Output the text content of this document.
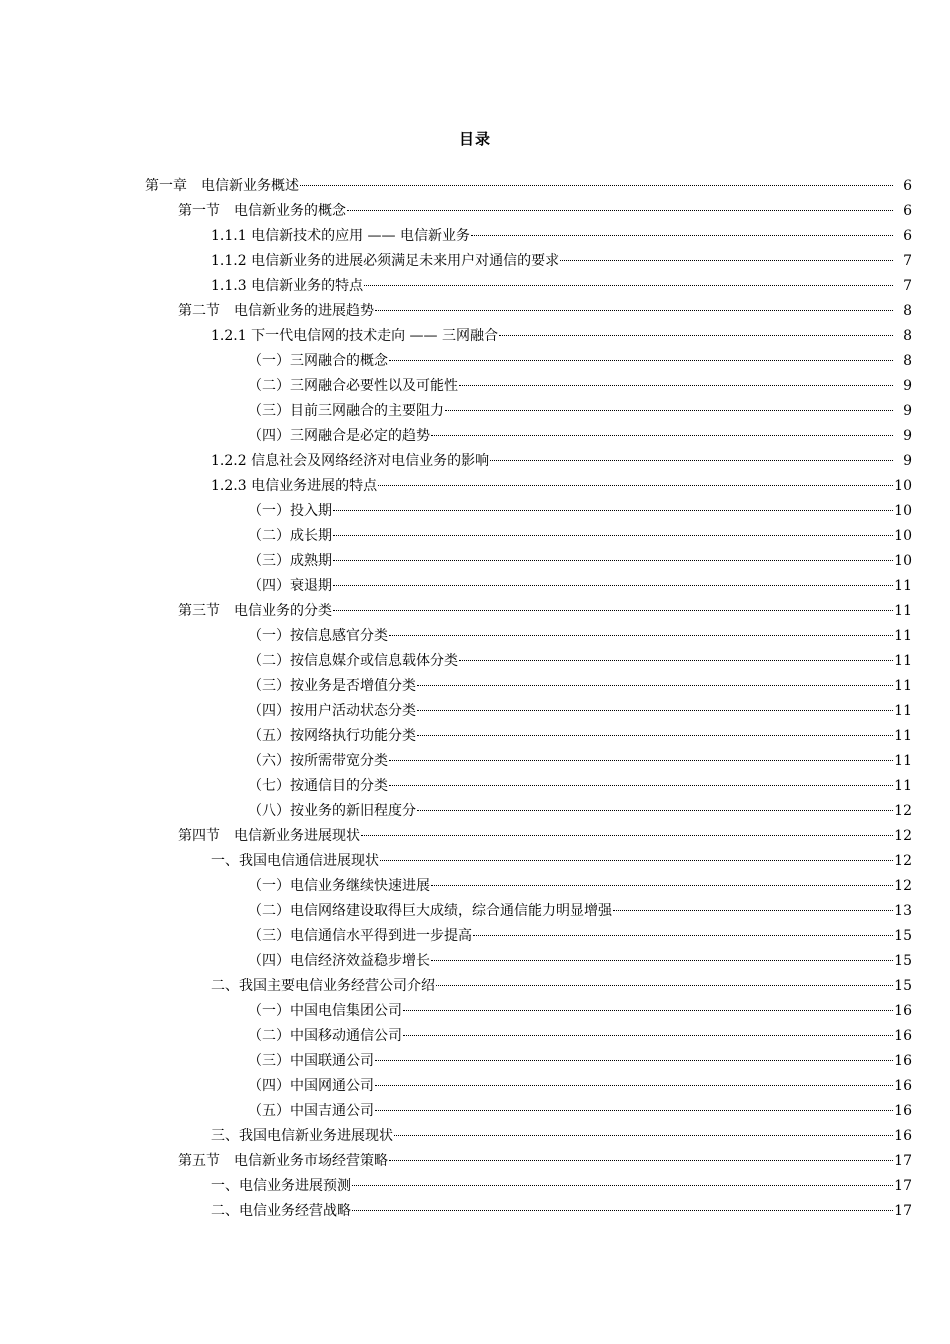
目录
第一章　电信新业务概述	6
第一节　电信新业务的概念	6
1.1.1 电信新技术的应用 —— 电信新业务	6
1.1.2 电信新业务的进展必须满足未来用户对通信的要求	7
1.1.3 电信新业务的特点	7
第二节　电信新业务的进展趋势	8
1.2.1 下一代电信网的技术走向 —— 三网融合	8
（一）三网融合的概念	8
（二）三网融合必要性以及可能性	9
（三）目前三网融合的主要阻力	9
（四）三网融合是必定的趋势	9
1.2.2 信息社会及网络经济对电信业务的影响	9
1.2.3 电信业务进展的特点	10
（一）投入期	10
（二）成长期	10
（三）成熟期	10
（四）衰退期	11
第三节　电信业务的分类	11
（一）按信息感官分类	11
（二）按信息媒介或信息载体分类	11
（三）按业务是否增值分类	11
（四）按用户活动状态分类	11
（五）按网络执行功能分类	11
（六）按所需带宽分类	11
（七）按通信目的分类	11
（八）按业务的新旧程度分	12
第四节　电信新业务进展现状	12
一、我国电信通信进展现状	12
（一）电信业务继续快速进展	12
（二）电信网络建设取得巨大成绩，综合通信能力明显增强	13
（三）电信通信水平得到进一步提高	15
（四）电信经济效益稳步增长	15
二、我国主要电信业务经营公司介绍	15
（一）中国电信集团公司	16
（二）中国移动通信公司	16
（三）中国联通公司	16
（四）中国网通公司	16
（五）中国吉通公司	16
三、我国电信新业务进展现状	16
第五节　电信新业务市场经营策略	17
一、电信业务进展预测	17
二、电信业务经营战略	17
